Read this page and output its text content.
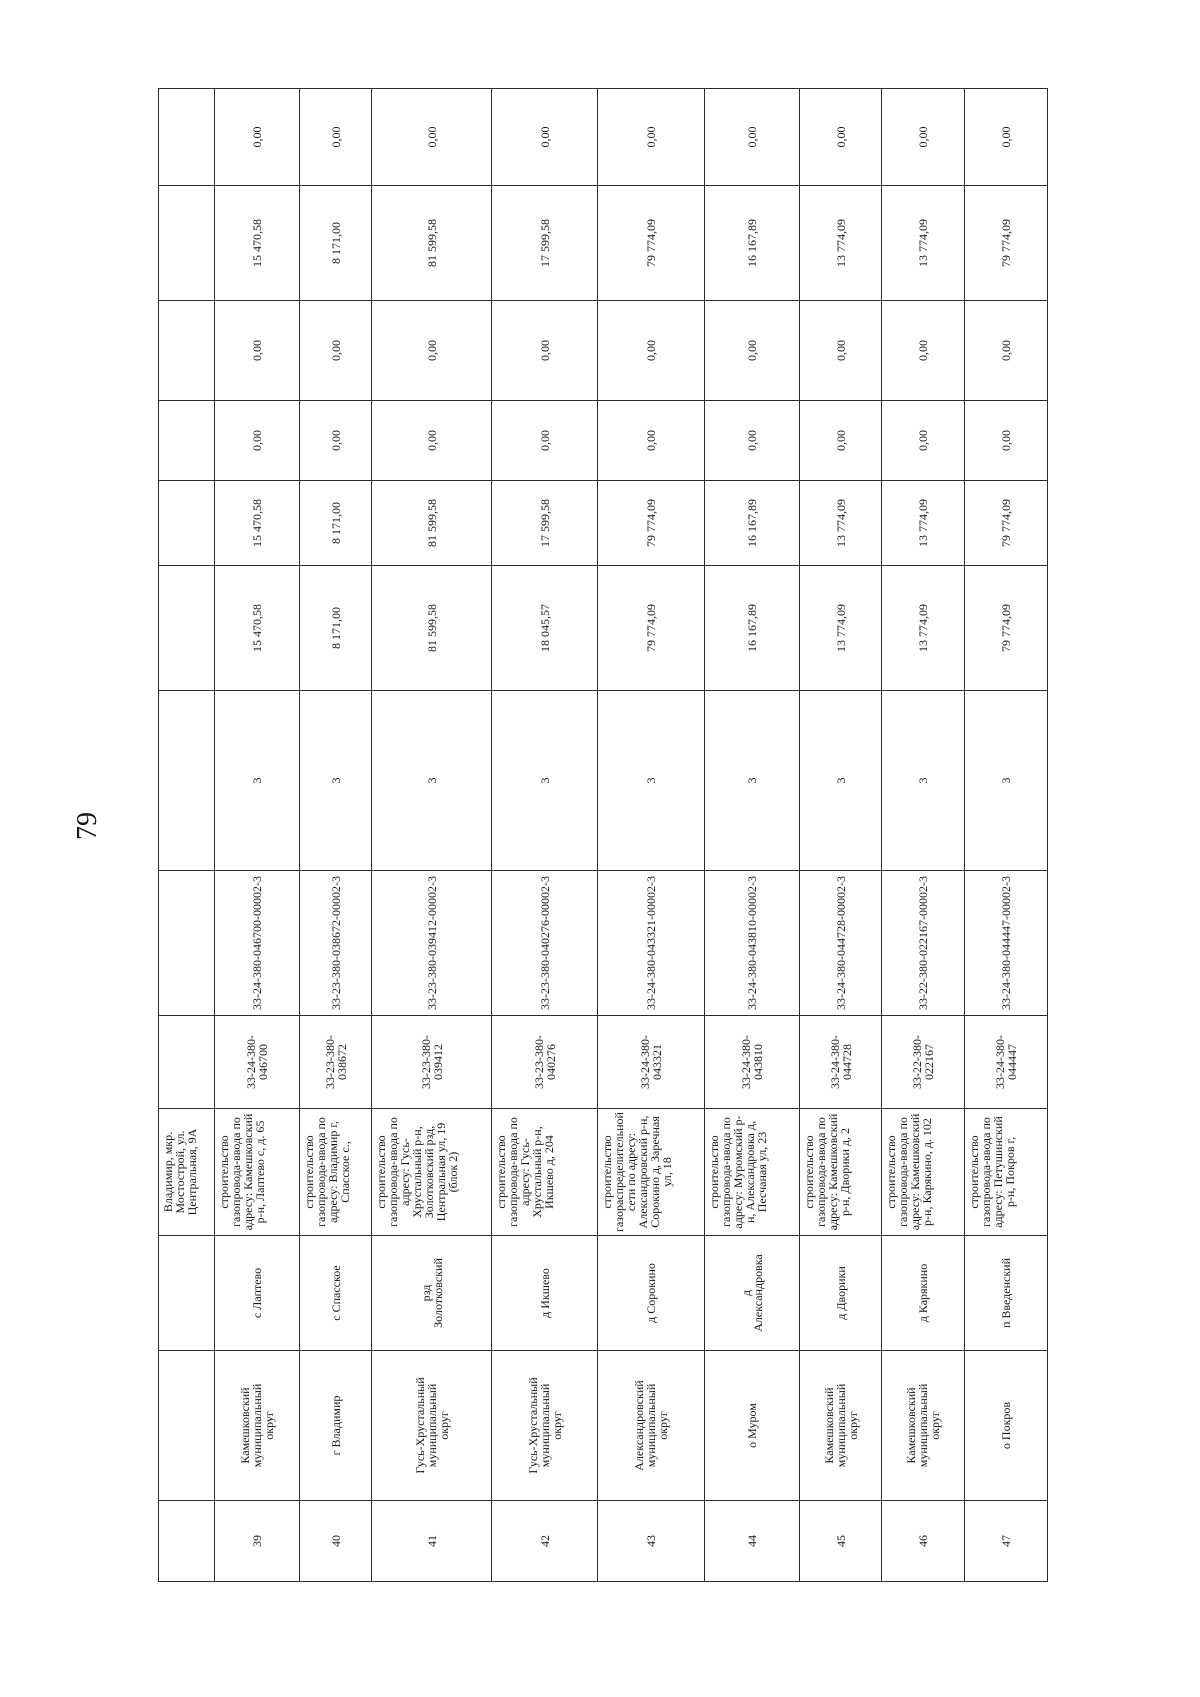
79
Владимир, мкр. Мостострой, ул. Центральная, 9А
39
Камешковский муниципальный округ
с Лаптево
строительство газопровода-ввода по адресу: Камешковский р-н, Лаптево с, д. 65
33-24-380-046700
33-24-380-046700-00002-3
3
15 470,58
15 470,58
0,00
0,00
15 470,58
0,00
40
г Владимир
с Спасское
строительство газопровода-ввода по адресу: Владимир г, Спасское с.,
33-23-380-038672
33-23-380-038672-00002-3
3
8 171,00
8 171,00
0,00
0,00
8 171,00
0,00
41
Гусь-Хрустальный муниципальный округ
рзд Золотковский
строительство газопровода-ввода по адресу: Гусь-Хрустальный р-н, Золотковский рзд, Центральная ул, 19 (блок 2)
33-23-380-039412
33-23-380-039412-00002-3
3
81 599,58
81 599,58
0,00
0,00
81 599,58
0,00
42
Гусь-Хрустальный муниципальный округ
д Икшево
строительство газопровода-ввода по адресу: Гусь-Хрустальный р-н, Икшево д, 204
33-23-380-040276
33-23-380-040276-00002-3
3
18 045,57
17 599,58
0,00
0,00
17 599,58
0,00
43
Александровский муниципальный округ
д Сорокино
строительство газораспределительной сети по адресу: Александровский р-н, Сорокино д, Заречная ул, 18
33-24-380-043321
33-24-380-043321-00002-3
3
79 774,09
79 774,09
0,00
0,00
79 774,09
0,00
44
о Муром
д Александровка
строительство газопровода-ввода по адресу: Муромский р-н, Александровка д, Песчаная ул, 23
33-24-380-043810
33-24-380-043810-00002-3
3
16 167,89
16 167,89
0,00
0,00
16 167,89
0,00
45
Камешковский муниципальный округ
д Дворики
строительство газопровода-ввода по адресу: Камешковский р-н, Дворики д, 2
33-24-380-044728
33-24-380-044728-00002-3
3
13 774,09
13 774,09
0,00
0,00
13 774,09
0,00
46
Камешковский муниципальный округ
д Карякино
строительство газопровода-ввода по адресу: Камешковский р-н, Карякино, д. 102
33-22-380-022167
33-22-380-022167-00002-3
3
13 774,09
13 774,09
0,00
0,00
13 774,09
0,00
47
о Покров
п Введенский
строительство газопровода-ввода по адресу: Петушинский р-н, Покров г,
33-24-380-044447
33-24-380-044447-00002-3
3
79 774,09
79 774,09
0,00
0,00
79 774,09
0,00
